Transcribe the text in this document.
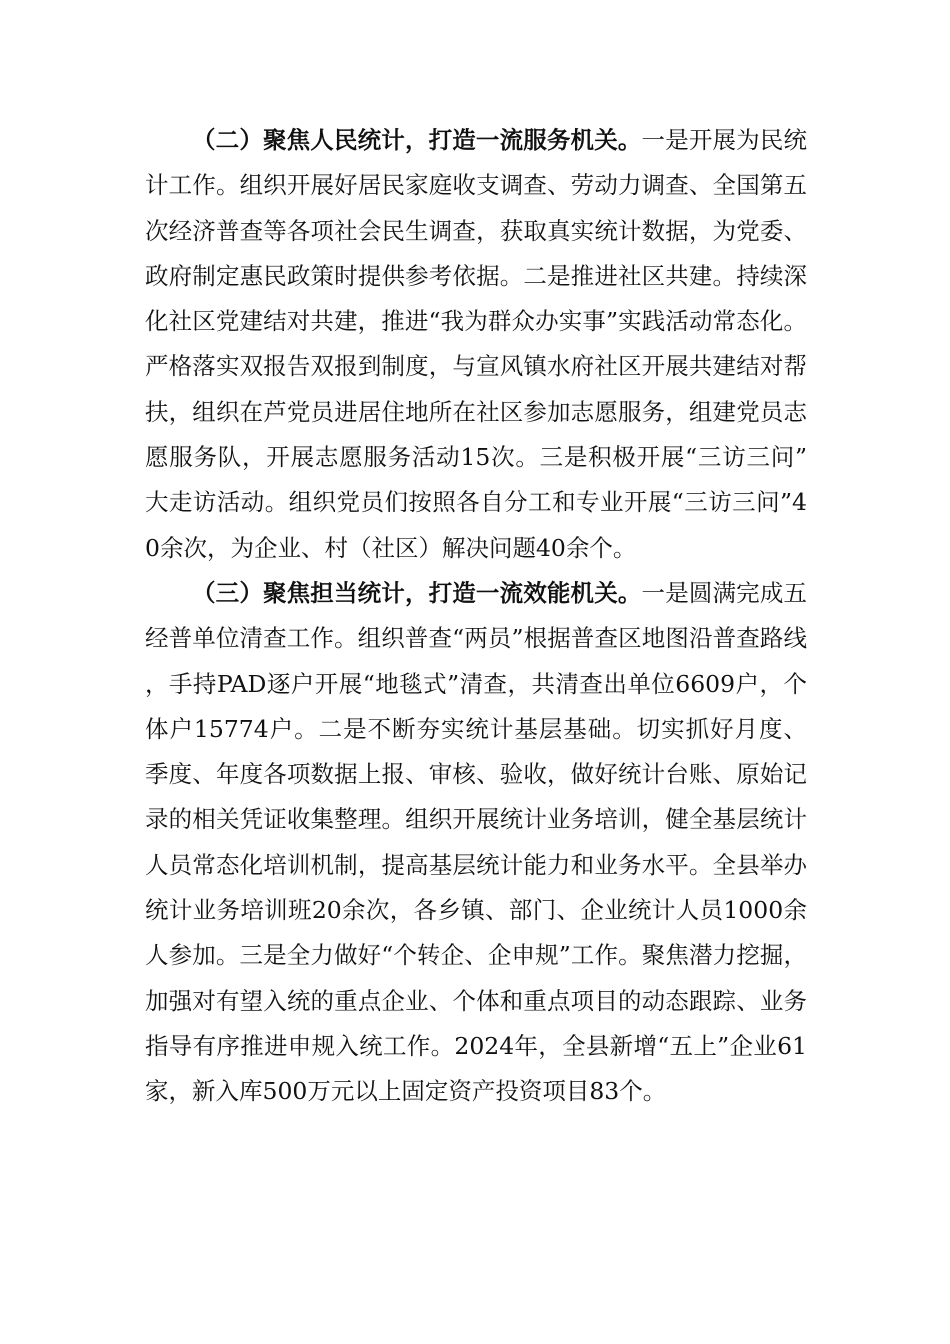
（二）聚焦人民统计，打造一流服务机关。一是开展为民统计工作。组织开展好居民家庭收支调查、劳动力调查、全国第五次经济普查等各项社会民生调查，获取真实统计数据，为党委、政府制定惠民政策时提供参考依据。二是推进社区共建。持续深化社区党建结对共建，推进“我为群众办实事”实践活动常态化。严格落实双报告双报到制度，与宣风镇水府社区开展共建结对帮扶，组织在芦党员进居住地所在社区参加志愿服务，组建党员志愿服务队，开展志愿服务活动15次。三是积极开展“三访三问”大走访活动。组织党员们按照各自分工和专业开展“三访三问”40余次，为企业、村（社区）解决问题40余个。

（三）聚焦担当统计，打造一流效能机关。一是圆满完成五经普单位清查工作。组织普查“两员”根据普查区地图沿普查路线，手持PAD逐户开展“地毯式”清查，共清查出单位6609户，个体户15774户。二是不断夯实统计基层基础。切实抓好月度、季度、年度各项数据上报、审核、验收，做好统计台账、原始记录的相关凭证收集整理。组织开展统计业务培训，健全基层统计人员常态化培训机制，提高基层统计能力和业务水平。全县举办统计业务培训班20余次，各乡镇、部门、企业统计人员1000余人参加。三是全力做好“个转企、企申规”工作。聚焦潜力挖掘，加强对有望入统的重点企业、个体和重点项目的动态跟踪、业务指导有序推进申规入统工作。2024年，全县新增“五上”企业61家，新入库500万元以上固定资产投资项目83个。
